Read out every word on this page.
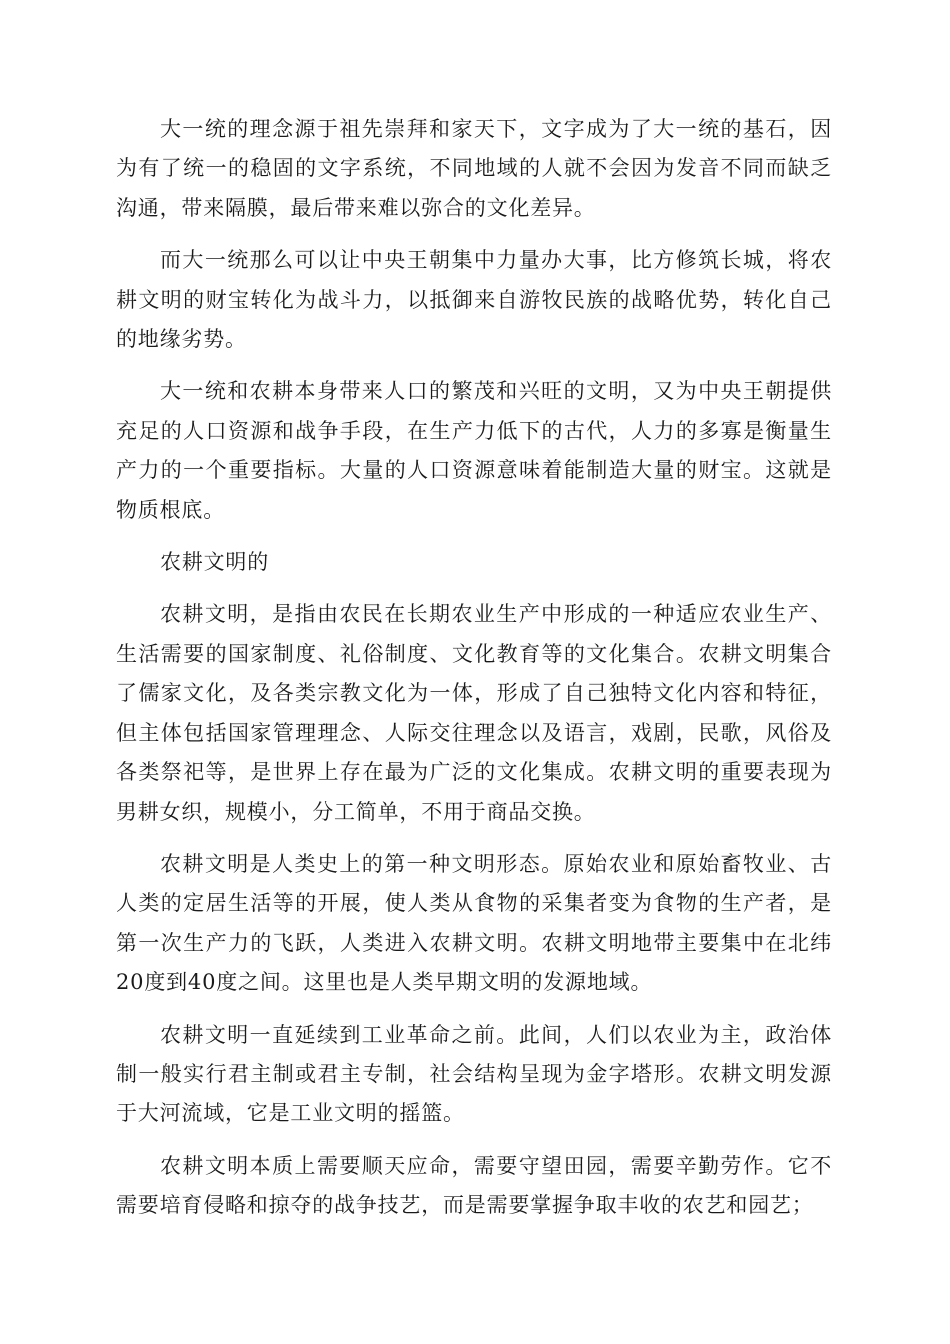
大一统的理念源于祖先崇拜和家天下，文字成为了大一统的基石，因为有了统一的稳固的文字系统，不同地域的人就不会因为发音不同而缺乏沟通，带来隔膜，最后带来难以弥合的文化差异。

而大一统那么可以让中央王朝集中力量办大事，比方修筑长城，将农耕文明的财宝转化为战斗力，以抵御来自游牧民族的战略优势，转化自己的地缘劣势。

大一统和农耕本身带来人口的繁茂和兴旺的文明，又为中央王朝提供充足的人口资源和战争手段，在生产力低下的古代，人力的多寡是衡量生产力的一个重要指标。大量的人口资源意味着能制造大量的财宝。这就是物质根底。

农耕文明的

农耕文明，是指由农民在长期农业生产中形成的一种适应农业生产、生活需要的国家制度、礼俗制度、文化教育等的文化集合。农耕文明集合了儒家文化，及各类宗教文化为一体，形成了自己独特文化内容和特征，但主体包括国家管理理念、人际交往理念以及语言，戏剧，民歌，风俗及各类祭祀等，是世界上存在最为广泛的文化集成。农耕文明的重要表现为男耕女织，规模小，分工简单，不用于商品交换。

农耕文明是人类史上的第一种文明形态。原始农业和原始畜牧业、古人类的定居生活等的开展，使人类从食物的采集者变为食物的生产者，是第一次生产力的飞跃，人类进入农耕文明。农耕文明地带主要集中在北纬20度到40度之间。这里也是人类早期文明的发源地域。

农耕文明一直延续到工业革命之前。此间，人们以农业为主，政治体制一般实行君主制或君主专制，社会结构呈现为金字塔形。农耕文明发源于大河流域，它是工业文明的摇篮。

农耕文明本质上需要顺天应命，需要守望田园，需要辛勤劳作。它不需要培育侵略和掠夺的战争技艺，而是需要掌握争取丰收的农艺和园艺；
